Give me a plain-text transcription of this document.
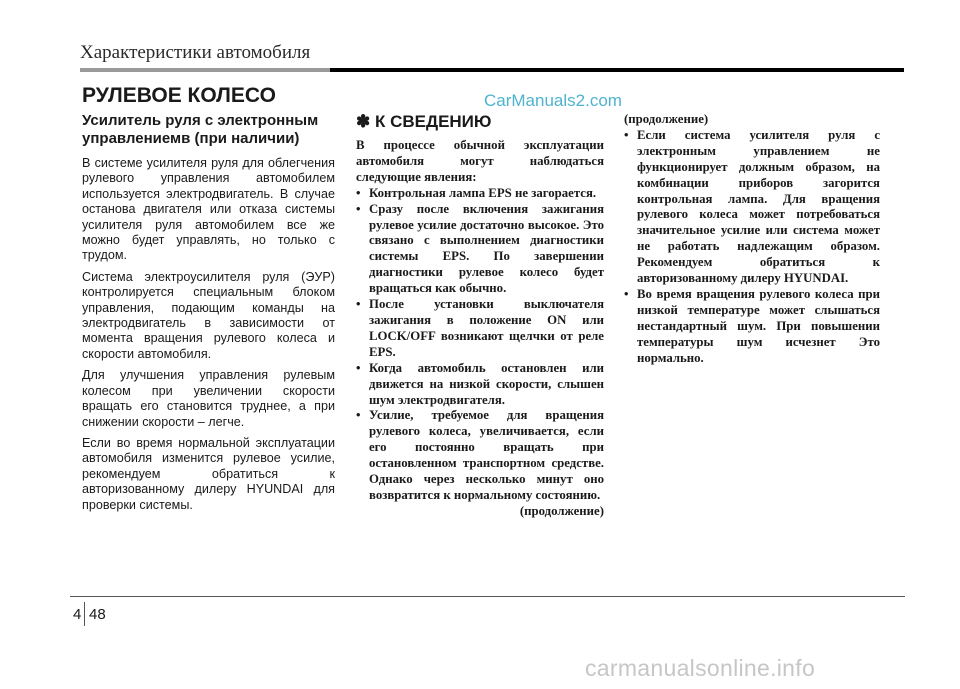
Характеристики автомобиля
РУЛЕВОЕ КОЛЕСО	CarManuals2.com
Усилитель руля с электронным управлениемв (при наличии)

В системе усилителя руля для облегчения рулевого управления автомобилем используется электродвигатель. В случае останова двигателя или отказа системы усилителя руля автомобилем все же можно будет управлять, но только с трудом.

Система электроусилителя руля (ЭУР) контролируется специальным блоком управления, подающим команды на электродвигатель в зависимости от момента вращения рулевого колеса и скорости автомобиля.

Для улучшения управления рулевым колесом при увеличении скорости вращать его становится труднее, а при снижении скорости – легче.

Если во время нормальной эксплуатации автомобиля изменится рулевое усилие, рекомендуем обратиться к авторизованному дилеру HYUNDAI для проверки системы.

✽ К СВЕДЕНИЮ

В процессе обычной эксплуатации автомобиля могут наблюдаться следующие явления:

• Контрольная лампа EPS не загорается.
• Сразу после включения зажигания рулевое усилие достаточно высокое. Это связано с выполнением диагностики системы EPS. По завершении диагностики рулевое колесо будет вращаться как обычно.
• После установки выключателя зажигания в положение ON или LOCK/OFF возникают щелчки от реле EPS.
• Когда автомобиль остановлен или движется на низкой скорости, слышен шум электродвигателя.
• Усилие, требуемое для вращения рулевого колеса, увеличивается, если его постоянно вращать при остановленном транспортном средстве. Однако через несколько минут оно возвратится к нормальному состоянию.

(продолжение)

(продолжение)

• Если система усилителя руля с электронным управлением не функционирует должным образом, на комбинации приборов загорится контрольная лампа. Для вращения рулевого колеса может потребоваться значительное усилие или система может не работать надлежащим образом. Рекомендуем обратиться к авторизованному дилеру HYUNDAI.
• Во время вращения рулевого колеса при низкой температуре может слышаться нестандартный шум. При повышении температуры шум исчезнет Это нормально.
4 48
carmanualsonline.info
